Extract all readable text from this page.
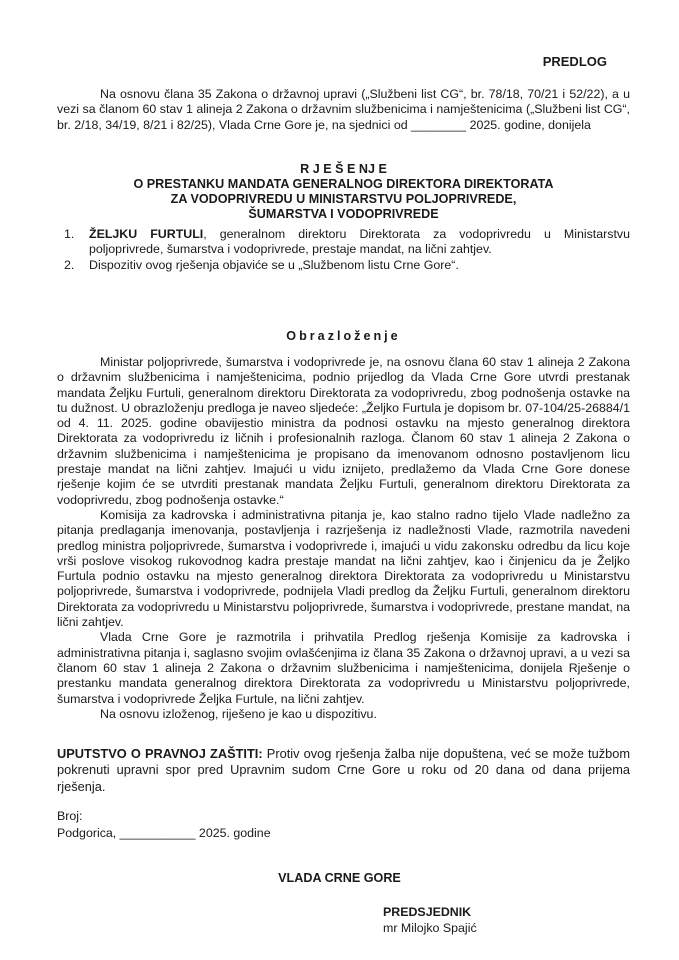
PREDLOG

Na osnovu člana 35 Zakona o državnoj upravi („Službeni list CG“, br. 78/18, 70/21 i 52/22), a u vezi sa članom 60 stav 1 alineja 2 Zakona o državnim službenicima i namještenicima („Službeni list CG“, br. 2/18, 34/19, 8/21 i 82/25), Vlada Crne Gore je, na sjednici od ________ 2025. godine, donijela

R J E Š E NJ E
O PRESTANKU MANDATA GENERALNOG DIREKTORA DIREKTORATA
ZA VODOPRIVREDU U MINISTARSTVU POLJOPRIVREDE,
ŠUMARSTVA I VODOPRIVREDE
1.	ŽELJKU FURTULI, generalnom direktoru Direktorata za vodoprivredu u Ministarstvu poljoprivrede, šumarstva i vodoprivrede, prestaje mandat, na lični zahtjev.
2.	Dispozitiv ovog rješenja objaviće se u „Službenom listu Crne Gore“.
Obrazloženje

Ministar poljoprivrede, šumarstva i vodoprivrede je, na osnovu člana 60 stav 1 alineja 2 Zakona o državnim službenicima i namještenicima, podnio prijedlog da Vlada Crne Gore utvrdi prestanak mandata Željku Furtuli, generalnom direktoru Direktorata za vodoprivredu, zbog podnošenja ostavke na tu dužnost. U obrazloženju predloga je naveo sljedeće: „Željko Furtula je dopisom br. 07-104/25-26884/1 od 4. 11. 2025. godine obavijestio ministra da podnosi ostavku na mjesto generalnog direktora Direktorata za vodoprivredu iz ličnih i profesionalnih razloga. Članom 60 stav 1 alineja 2 Zakona o državnim službenicima i namještenicima je propisano da imenovanom odnosno postavljenom licu prestaje mandat na lični zahtjev. Imajući u vidu iznijeto, predlažemo da Vlada Crne Gore donese rješenje kojim će se utvrditi prestanak mandata Željku Furtuli, generalnom direktoru Direktorata za vodoprivredu, zbog podnošenja ostavke.“

Komisija za kadrovska i administrativna pitanja je, kao stalno radno tijelo Vlade nadležno za pitanja predlaganja imenovanja, postavljenja i razrješenja iz nadležnosti Vlade, razmotrila navedeni predlog ministra poljoprivrede, šumarstva i vodoprivrede i, imajući u vidu zakonsku odredbu da licu koje vrši poslove visokog rukovodnog kadra prestaje mandat na lični zahtjev, kao i činjenicu da je Željko Furtula podnio ostavku na mjesto generalnog direktora Direktorata za vodoprivredu u Ministarstvu poljoprivrede, šumarstva i vodoprivrede, podnijela Vladi predlog da Željku Furtuli, generalnom direktoru Direktorata za vodoprivredu u Ministarstvu poljoprivrede, šumarstva i vodoprivrede, prestane mandat, na lični zahtjev.

Vlada Crne Gore je razmotrila i prihvatila Predlog rješenja Komisije za kadrovska i administrativna pitanja i, saglasno svojim ovlašćenjima iz člana 35 Zakona o državnoj upravi, a u vezi sa članom 60 stav 1 alineja 2 Zakona o državnim službenicima i namještenicima, donijela Rješenje o prestanku mandata generalnog direktora Direktorata za vodoprivredu u Ministarstvu poljoprivrede, šumarstva i vodoprivrede Željka Furtule, na lični zahtjev.

Na osnovu izloženog, riješeno je kao u dispozitivu.

UPUTSTVO O PRAVNOJ ZAŠTITI: Protiv ovog rješenja žalba nije dopuštena, već se može tužbom pokrenuti upravni spor pred Upravnim sudom Crne Gore u roku od 20 dana od dana prijema rješenja.

Broj:
Podgorica, ___________ 2025. godine
VLADA CRNE GORE
PREDSJEDNIK
mr Milojko Spajić
